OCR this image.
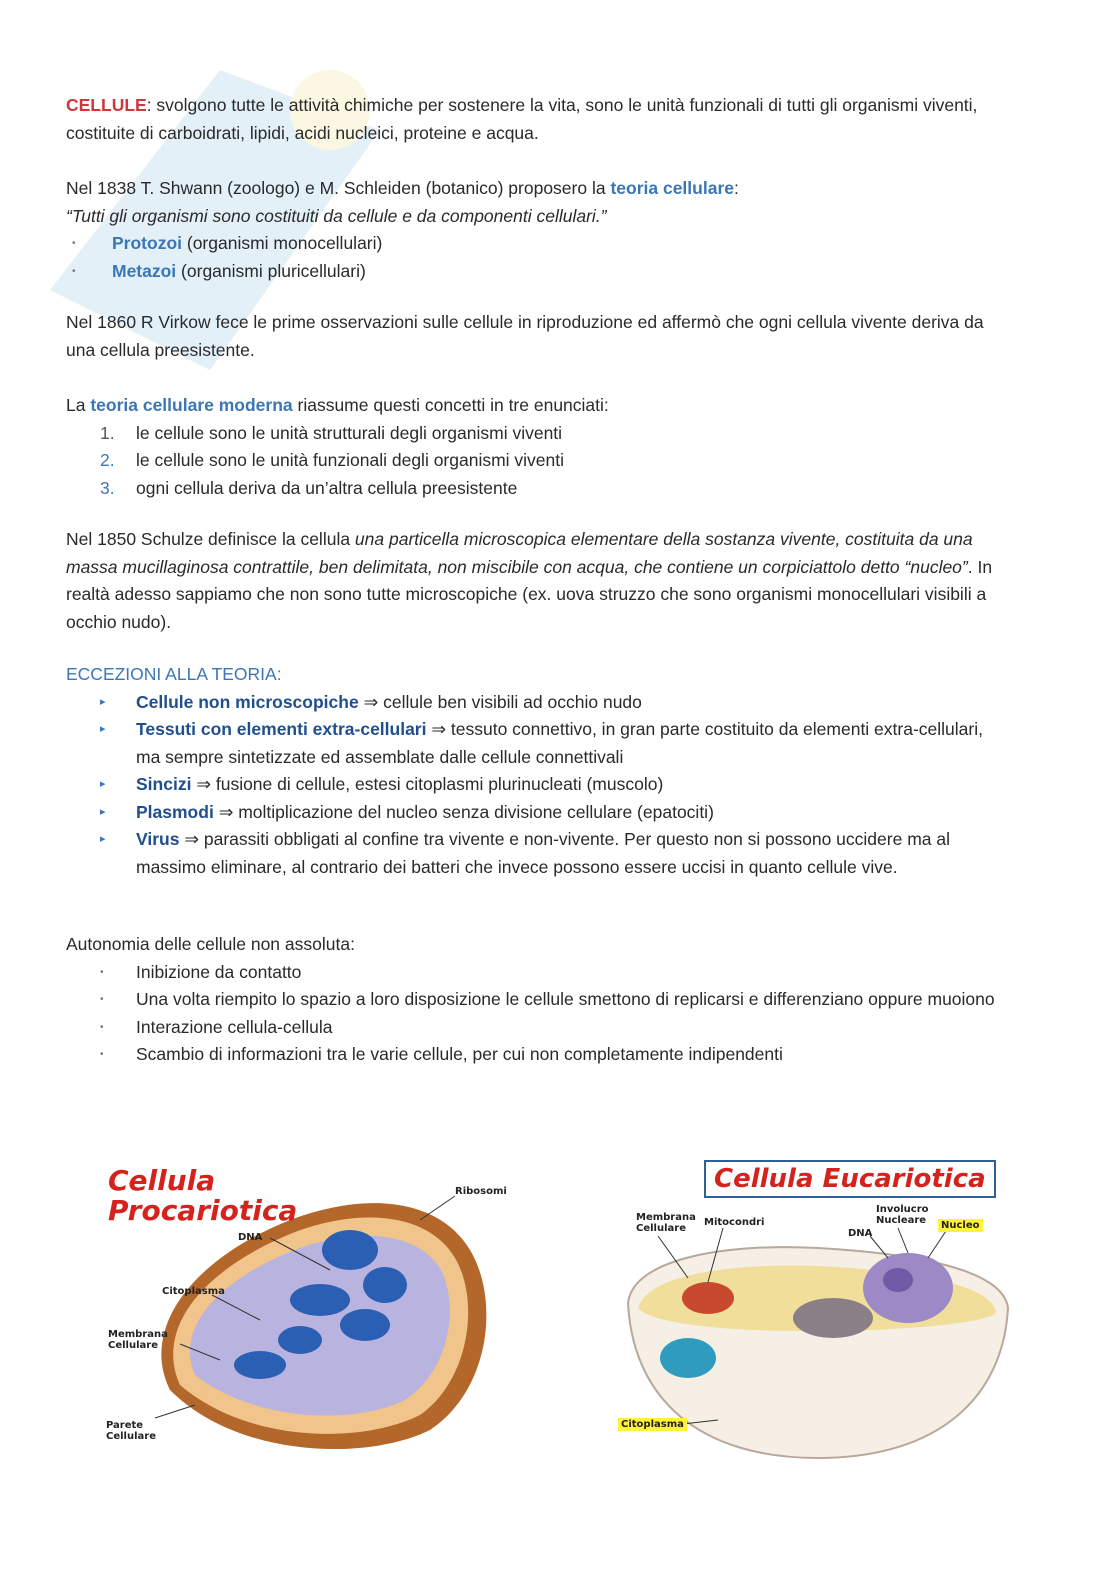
CELLULE: svolgono tutte le attività chimiche per sostenere la vita, sono le unità funzionali di tutti gli organismi viventi, costituite di carboidrati, lipidi, acidi nucleici, proteine e acqua.
Nel 1838 T. Shwann (zoologo) e M. Schleiden (botanico) proposero la teoria cellulare:
“Tutti gli organismi sono costituiti da cellule e da componenti cellulari.”
•	Protozoi (organismi monocellulari)
•	Metazoi (organismi pluricellulari)
Nel 1860 R Virkow fece le prime osservazioni sulle cellule in riproduzione ed affermò che ogni cellula vivente deriva da una cellula preesistente.
La teoria cellulare moderna riassume questi concetti in tre enunciati:
1.	le cellule sono le unità strutturali degli organismi viventi
2.	le cellule sono le unità funzionali degli organismi viventi
3.	ogni cellula deriva da un’altra cellula preesistente
Nel 1850 Schulze definisce la cellula una particella microscopica elementare della sostanza vivente, costituita da una massa mucillaginosa contrattile, ben delimitata, non miscibile con acqua, che contiene un corpiciattolo detto “nucleo”. In realtà adesso sappiamo che non sono tutte microscopiche (ex. uova struzzo che sono organismi monocellulari visibili a occhio nudo).
ECCEZIONI ALLA TEORIA:
▸	Cellule non microscopiche ⇒ cellule ben visibili ad occhio nudo
▸	Tessuti con elementi extra-cellulari ⇒ tessuto connettivo, in gran parte costituito da elementi extra-cellulari, ma sempre sintetizzate ed assemblate dalle cellule connettivali
▸	Sincizi ⇒ fusione di cellule, estesi citoplasmi plurinucleati (muscolo)
▸	Plasmodi ⇒ moltiplicazione del nucleo senza divisione cellulare (epatociti)
▸	Virus ⇒ parassiti obbligati al confine tra vivente e non-vivente. Per questo non si possono uccidere ma al massimo eliminare, al contrario dei batteri che invece possono essere uccisi in quanto cellule vive.
Autonomia delle cellule non assoluta:
•	Inibizione da contatto
•	Una volta riempito lo spazio a loro disposizione le cellule smettono di replicarsi e differenziano oppure muoiono
•	Interazione cellula-cellula
•	Scambio di informazioni tra le varie cellule, per cui non completamente indipendenti
Cellula
Procariotica
Ribosomi
DNA
Citoplasma
Membrana
Cellulare
Parete
Cellulare
Cellula Eucariotica
Membrana
Cellulare
Mitocondri
DNA
Involucro
Nucleare	Nucleo
Citoplasma
